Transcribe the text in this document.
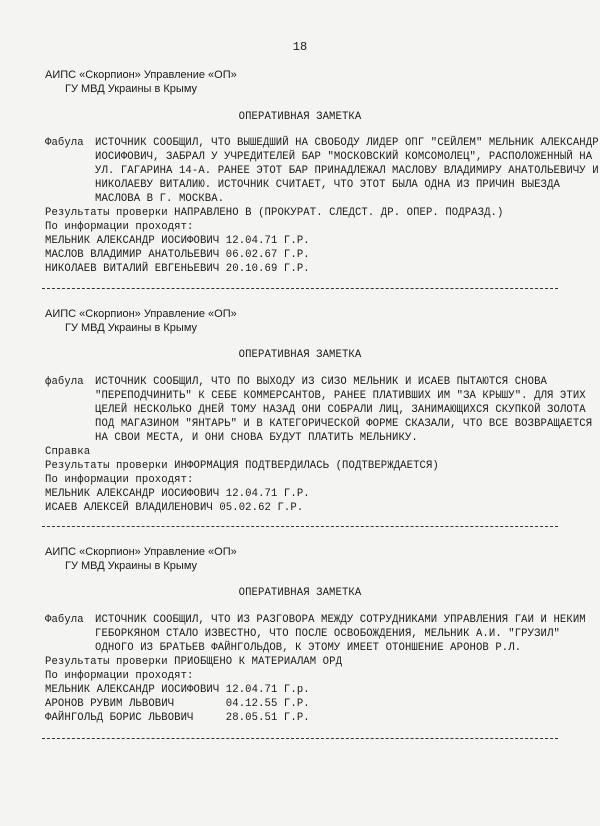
18
АИПС «Скорпион» Управление «ОП»
ГУ МВД Украины в Крыму
ОПЕРАТИВНАЯ ЗАМЕТКА
Фабула ИСТОЧНИК СООБЩИЛ, ЧТО ВЫШЕДШИЙ НА СВОБОДУ ЛИДЕР ОПГ "СЕЙЛЕМ" МЕЛЬНИК АЛЕКСАНДР
ИОСИФОВИЧ, ЗАБРАЛ У УЧРЕДИТЕЛЕЙ БАР "МОСКОВСКИЙ КОМСОМОЛЕЦ", РАСПОЛОЖЕННЫЙ НА
УЛ. ГАГАРИНА 14-А. РАНЕЕ ЭТОТ БАР ПРИНАДЛЕЖАЛ МАСЛОВУ ВЛАДИМИРУ АНАТОЛЬЕВИЧУ И
НИКОЛАЕВУ ВИТАЛИЮ. ИСТОЧНИК СЧИТАЕТ, ЧТО ЭТОТ БЫЛА ОДНА ИЗ ПРИЧИН ВЫЕЗДА
МАСЛОВА В Г. МОСКВА.
Результаты проверки НАПРАВЛЕНО В (ПРОКУРАТ. СЛЕДСТ. ДР. ОПЕР. ПОДРАЗД.)
По информации проходят:
МЕЛЬНИК АЛЕКСАНДР ИОСИФОВИЧ 12.04.71 Г.Р.
МАСЛОВ ВЛАДИМИР АНАТОЛЬЕВИЧ 06.02.67 Г.Р.
НИКОЛАЕВ ВИТАЛИЙ ЕВГЕНЬЕВИЧ 20.10.69 Г.Р.
АИПС «Скорпион» Управление «ОП»
ГУ МВД Украины в Крыму
ОПЕРАТИВНАЯ ЗАМЕТКА
фабула ИСТОЧНИК СООБЩИЛ, ЧТО ПО ВЫХОДУ ИЗ СИЗО МЕЛЬНИК И ИСАЕВ ПЫТАЮТСЯ СНОВА
"ПЕРЕПОДЧИНИТЬ" К СЕБЕ КОММЕРСАНТОВ, РАНЕЕ ПЛАТИВШИХ ИМ "ЗА КРЫШУ". ДЛЯ ЭТИХ
ЦЕЛЕЙ НЕСКОЛЬКО ДНЕЙ ТОМУ НАЗАД ОНИ СОБРАЛИ ЛИЦ, ЗАНИМАЮЩИХСЯ СКУПКОЙ ЗОЛОТА
ПОД МАГАЗИНОМ "ЯНТАРЬ" И В КАТЕГОРИЧЕСКОЙ ФОРМЕ СКАЗАЛИ, ЧТО ВСЕ ВОЗВРАЩАЕТСЯ
НА СВОИ МЕСТА, И ОНИ СНОВА БУДУТ ПЛАТИТЬ МЕЛЬНИКУ.
Справка
Результаты проверки ИНФОРМАЦИЯ ПОДТВЕРДИЛАСЬ (ПОДТВЕРЖДАЕТСЯ)
По информации проходят:
МЕЛЬНИК АЛЕКСАНДР ИОСИФОВИЧ 12.04.71 Г.Р.
ИСАЕВ АЛЕКСЕЙ ВЛАДИЛЕНОВИЧ 05.02.62 Г.Р.
АИПС «Скорпион» Управление «ОП»
ГУ МВД Украины в Крыму
ОПЕРАТИВНАЯ ЗАМЕТКА
Фабула ИСТОЧНИК СООБЩИЛ, ЧТО ИЗ РАЗГОВОРА МЕЖДУ СОТРУДНИКАМИ УПРАВЛЕНИЯ ГАИ И НЕКИМ
ГЕБОРКЯНОМ СТАЛО ИЗВЕСТНО, ЧТО ПОСЛЕ ОСВОБОЖДЕНИЯ, МЕЛЬНИК А.И. "ГРУЗИЛ"
ОДНОГО ИЗ БРАТЬЕВ ФАЙНГОЛЬДОВ, К ЭТОМУ ИМЕЕТ ОТОНШЕНИЕ АРОНОВ Р.Л.
Результаты проверки ПРИОБЩЕНО К МАТЕРИАЛАМ ОРД
По информации проходят:
МЕЛЬНИК АЛЕКСАНДР ИОСИФОВИЧ 12.04.71 Г.р.
АРОНОВ РУВИМ ЛЬВОВИЧ        04.12.55 Г.Р.
ФАЙНГОЛЬД БОРИС ЛЬВОВИЧ     28.05.51 Г.Р.
